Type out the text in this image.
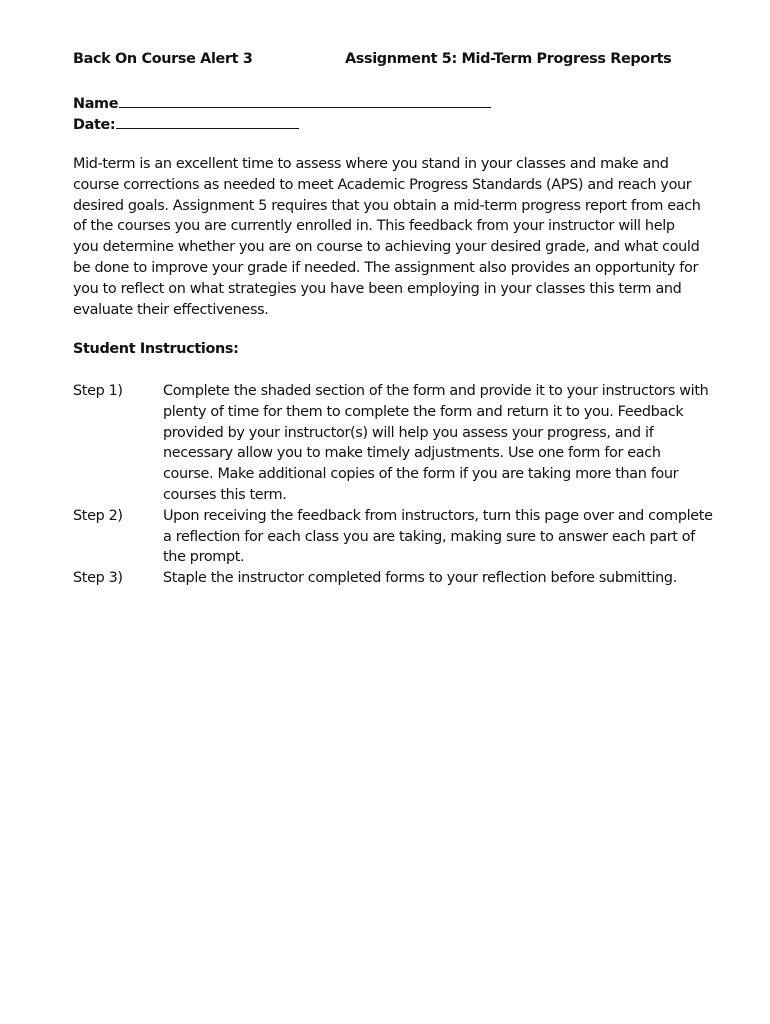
Back On Course Alert 3	Assignment 5: Mid-Term Progress Reports
Name
Date:

Mid-term is an excellent time to assess where you stand in your classes and make and course corrections as needed to meet Academic Progress Standards (APS) and reach your desired goals. Assignment 5 requires that you obtain a mid-term progress report from each of the courses you are currently enrolled in. This feedback from your instructor will help you determine whether you are on course to achieving your desired grade, and what could be done to improve your grade if needed. The assignment also provides an opportunity for you to reflect on what strategies you have been employing in your classes this term and evaluate their effectiveness.

Student Instructions:
Step 1)	Complete the shaded section of the form and provide it to your instructors with plenty of time for them to complete the form and return it to you. Feedback provided by your instructor(s) will help you assess your progress, and if necessary allow you to make timely adjustments. Use one form for each course. Make additional copies of the form if you are taking more than four courses this term.
Step 2)	Upon receiving the feedback from instructors, turn this page over and complete a reflection for each class you are taking, making sure to answer each part of the prompt.
Step 3)	Staple the instructor completed forms to your reflection before submitting.
